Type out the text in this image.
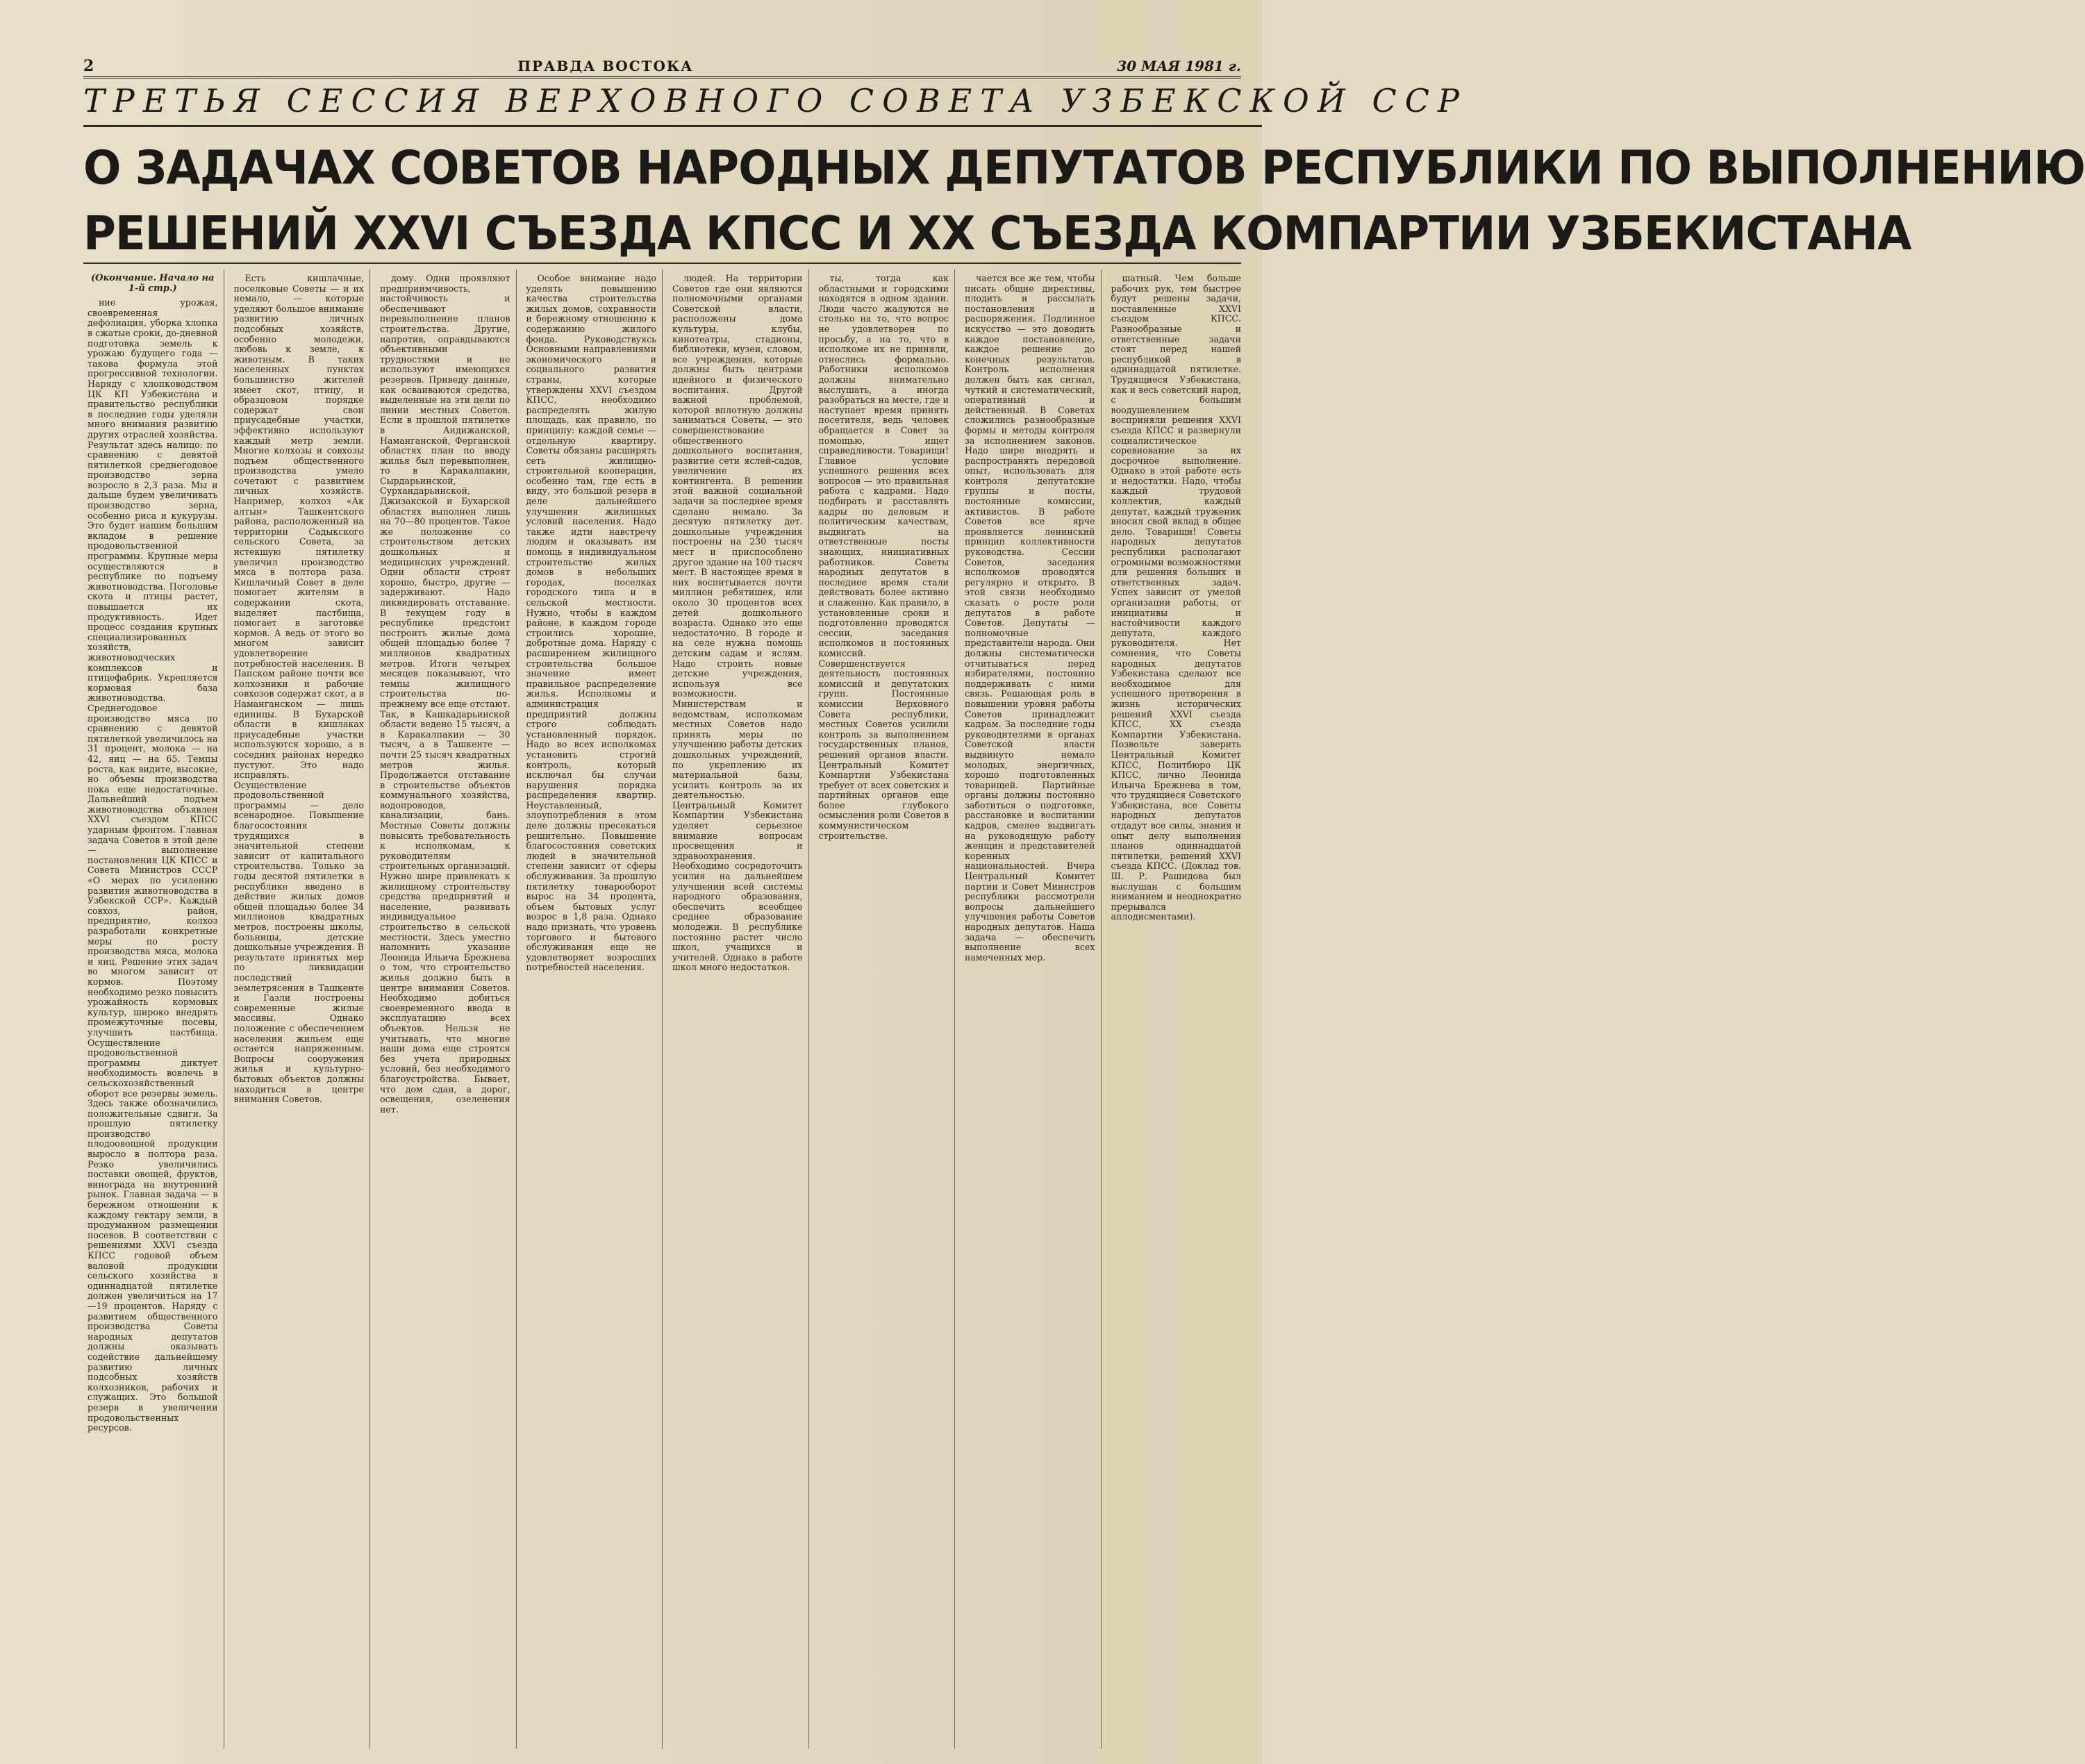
2	ПРАВДА ВОСТОКА	30 МАЯ 1981 г.
ТРЕТЬЯ СЕССИЯ ВЕРХОВНОГО СОВЕТА УЗБЕКСКОЙ ССР
О ЗАДАЧАХ СОВЕТОВ НАРОДНЫХ ДЕПУТАТОВ РЕСПУБЛИКИ ПО ВЫПОЛНЕНИЮ
РЕШЕНИЙ XXVI СЪЕЗДА КПСС И XX СЪЕЗДА КОМПАРТИИ УЗБЕКИСТАНА
(Окончание. Начало на 1-й стр.)

ние урожая, своевременная дефолиация, уборка хлопка в сжатые сроки, до-дневной подготовка земель к урожаю будущего года — такова формула этой прогрессивной технологии. Наряду с хлопководством ЦК КП Узбекистана и правительство республики в последние годы уделяли много внимания развитию других отраслей хозяйства. Результат здесь налицо: по сравнению с девятой пятилеткой среднегодовое производство зерна возросло в 2,3 раза. Мы и дальше будем увеличивать производство зерна, особенно риса и кукурузы. Это будет нашим большим вкладом в решение продовольственной программы. Крупные меры осуществляются в республике по подъему животноводства. Поголовье скота и птицы растет, повышается их продуктивность. Идет процесс создания крупных специализированных хозяйств, животноводческих комплексов и птицефабрик. Укрепляется кормовая база животноводства. Среднегодовое производство мяса по сравнению с девятой пятилеткой увеличилось на 31 процент, молока — на 42, яиц — на 65. Темпы роста, как видите, высокие, но объемы производства пока еще недостаточные. Дальнейший подъем животноводства объявлен XXVI съездом КПСС ударным фронтом. Главная задача Советов в этой деле — выполнение постановления ЦК КПСС и Совета Министров СССР «О мерах по усилению развития животноводства в Узбекской ССР». Каждый совхоз, район, предприятие, колхоз разработали конкретные меры по росту производства мяса, молока и яиц. Решение этих задач во многом зависит от кормов. Поэтому необходимо резко повысить урожайность кормовых культур, широко внедрять промежуточные посевы, улучшить пастбища. Осуществление продовольственной программы диктует необходимость вовлечь в сельскохозяйственный оборот все резервы земель. Здесь также обозначились положительные сдвиги. За прошлую пятилетку производство плодоовощной продукции выросло в полтора раза. Резко увеличились поставки овощей, фруктов, винограда на внутренний рынок. Главная задача — в бережном отношении к каждому гектару земли, в продуманном размещении посевов. В соответствии с решениями XXVI съезда КПСС годовой объем валовой продукции сельского хозяйства в одиннадцатой пятилетке должен увеличиться на 17—19 процентов. Наряду с развитием общественного производства Советы народных депутатов должны оказывать содействие дальнейшему развитию личных подсобных хозяйств колхозников, рабочих и служащих. Это большой резерв в увеличении продовольственных ресурсов.

Есть кишлачные, поселковые Советы — и их немало, — которые уделяют большое внимание развитию личных подсобных хозяйств, особенно молодежи, любовь к земле, к животным. В таких населенных пунктах большинство жителей имеет скот, птицу, и образцовом порядке содержат свои приусадебные участки, эффективно используют каждый метр земли. Многие колхозы и совхозы подъем общественного производства умело сочетают с развитием личных хозяйств. Например, колхоз «Ак алтын» Ташкентского района, расположенный на территории Садыкского сельского Совета, за истекшую пятилетку увеличил производство мяса в полтора раза. Кишлачный Совет в деле помогает жителям в содержании скота, выделяет пастбища, помогает в заготовке кормов. А ведь от этого во многом зависит удовлетворение потребностей населения. В Папском районе почти все колхозники и рабочие совхозов содержат скот, а в Наманганском — лишь единицы. В Бухарской области в кишлаках приусадебные участки используются хорошо, а в соседних районах нередко пустуют. Это надо исправлять. Осуществление продовольственной программы — дело всенародное. Повышение благосостояния трудящихся в значительной степени зависит от капитального строительства. Только за годы десятой пятилетки в республике введено в действие жилых домов общей площадью более 34 миллионов квадратных метров, построены школы, больницы, детские дошкольные учреждения. В результате принятых мер по ликвидации последствий землетрясения в Ташкенте и Газли построены современные жилые массивы. Однако положение с обеспечением населения жильем еще остается напряженным. Вопросы сооружения жилья и культурно-бытовых объектов должны находиться в центре внимания Советов.

дому. Одни проявляют предприимчивость, настойчивость и обеспечивают перевыполнение планов строительства. Другие, напротив, оправдываются объективными трудностями и не используют имеющихся резервов. Приведу данные, как осваиваются средства, выделенные на эти цели по линии местных Советов. Если в прошлой пятилетке в Андижанской, Наманганской, Ферганской областях план по вводу жилья был перевыполнен, то в Каракалпакии, Сырдарьинской, Сурхандарьинской, Джизакской и Бухарской областях выполнен лишь на 70—80 процентов. Такое же положение со строительством детских дошкольных и медицинских учреждений. Одни области строят хорошо, быстро, другие — задерживают. Надо ликвидировать отставание. В текущем году в республике предстоит построить жилые дома общей площадью более 7 миллионов квадратных метров. Итоги четырех месяцев показывают, что темпы жилищного строительства по-прежнему все еще отстают. Так, в Кашкадарьинской области ведено 15 тысяч, а в Каракалпакии — 30 тысяч, а в Ташкенте — почти 25 тысяч квадратных метров жилья. Продолжается отставание в строительстве объектов коммунального хозяйства, водопроводов, канализации, бань. Местные Советы должны повысить требовательность к исполкомам, к руководителям строительных организаций. Нужно шире привлекать к жилищному строительству средства предприятий и население, развивать индивидуальное строительство в сельской местности. Здесь уместно напомнить указание Леонида Ильича Брежнева о том, что строительство жилья должно быть в центре внимания Советов. Необходимо добиться своевременного ввода в эксплуатацию всех объектов. Нельзя не учитывать, что многие наши дома еще строятся без учета природных условий, без необходимого благоустройства. Бывает, что дом сдан, а дорог, освещения, озеленения нет.

Особое внимание надо уделять повышению качества строительства жилых домов, сохранности и бережному отношению к содержанию жилого фонда. Руководствуясь Основными направлениями экономического и социального развития страны, которые утверждены XXVI съездом КПСС, необходимо распределять жилую площадь, как правило, по принципу: каждой семье — отдельную квартиру. Советы обязаны расширять сеть жилищно-строительной кооперации, особенно там, где есть в виду, это большой резерв в деле дальнейшего улучшения жилищных условий населения. Надо также идти навстречу людям и оказывать им помощь в индивидуальном строительстве жилых домов в небольших городах, поселках городского типа и в сельской местности. Нужно, чтобы в каждом районе, в каждом городе строились хорошие, добротные дома. Наряду с расширением жилищного строительства большое значение имеет правильное распределение жилья. Исполкомы и администрация предприятий должны строго соблюдать установленный порядок. Надо во всех исполкомах установить строгий контроль, который исключал бы случаи нарушения порядка распределения квартир. Неуставленный, злоупотребления в этом деле должны пресекаться решительно. Повышение благосостояния советских людей в значительной степени зависит от сферы обслуживания. За прошлую пятилетку товарооборот вырос на 34 процента, объем бытовых услуг возрос в 1,8 раза. Однако надо признать, что уровень торгового и бытового обслуживания еще не удовлетворяет возросших потребностей населения.

людей. На территории Советов где они являются полномочными органами Советской власти, расположены дома культуры, клубы, кинотеатры, стадионы, библиотеки, музеи, словом, все учреждения, которые должны быть центрами идейного и физического воспитания. Другой важной проблемой, которой вплотную должны заниматься Советы, — это совершенствование общественного дошкольного воспитания, развитие сети яслей-садов, увеличение их контингента. В решении этой важной социальной задачи за последнее время сделано немало. За десятую пятилетку дет. дошкольные учреждения построены на 230 тысяч мест и приспособлено другое здание на 100 тысяч мест. В настоящее время в них воспитывается почти миллион ребятишек, или около 30 процентов всех детей дошкольного возраста. Однако это еще недостаточно. В городе и на селе нужна помощь детским садам и яслям. Надо строить новые детские учреждения, используя все возможности. Министерствам и ведомствам, исполкомам местных Советов надо принять меры по улучшению работы детских дошкольных учреждений, по укреплению их материальной базы, усилить контроль за их деятельностью. Центральный Комитет Компартии Узбекистана уделяет серьезное внимание вопросам просвещения и здравоохранения. Необходимо сосредоточить усилия на дальнейшем улучшении всей системы народного образования, обеспечить всеобщее среднее образование молодежи. В республике постоянно растет число школ, учащихся и учителей. Однако в работе школ много недостатков.

ты, тогда как областными и городскими находятся в одном здании. Люди часто жалуются не столько на то, что вопрос не удовлетворен по просьбу, а на то, что в исполкоме их не приняли, отнеслись формально. Работники исполкомов должны внимательно выслушать, а иногда разобраться на месте, где и наступает время принять посетителя, ведь человек обращается в Совет за помощью, ищет справедливости. Товарищи! Главное условие успешного решения всех вопросов — это правильная работа с кадрами. Надо подбирать и расставлять кадры по деловым и политическим качествам, выдвигать на ответственные посты знающих, инициативных работников. Советы народных депутатов в последнее время стали действовать более активно и слаженно. Как правило, в установленные сроки и подготовленно проводятся сессии, заседания исполкомов и постоянных комиссий. Совершенствуется деятельность постоянных комиссий и депутатских групп. Постоянные комиссии Верховного Совета республики, местных Советов усилили контроль за выполнением государственных планов, решений органов власти. Центральный Комитет Компартии Узбекистана требует от всех советских и партийных органов еще более глубокого осмысления роли Советов в коммунистическом строительстве.

чается все же тем, чтобы писать общие директивы, плодить и рассылать постановления и распоряжения. Подлинное искусство — это доводить каждое постановление, каждое решение до конечных результатов. Контроль исполнения должен быть как сигнал, чуткий и систематический, оперативный и действенный. В Советах сложились разнообразные формы и методы контроля за исполнением законов. Надо шире внедрять и распространять передовой опыт, использовать для контроля депутатские группы и посты, постоянные комиссии, активистов. В работе Советов все ярче проявляется ленинский принцип коллективности руководства. Сессии Советов, заседания исполкомов проводятся регулярно и открыто. В этой связи необходимо сказать о росте роли депутатов в работе Советов. Депутаты — полномочные представители народа. Они должны систематически отчитываться перед избирателями, постоянно поддерживать с ними связь. Решающая роль в повышении уровня работы Советов принадлежит кадрам. За последние годы руководителями в органах Советской власти выдвинуто немало молодых, энергичных, хорошо подготовленных товарищей. Партийные органы должны постоянно заботиться о подготовке, расстановке и воспитании кадров, смелее выдвигать на руководящую работу женщин и представителей коренных национальностей. Вчера Центральный Комитет партии и Совет Министров республики рассмотрели вопросы дальнейшего улучшения работы Советов народных депутатов. Наша задача — обеспечить выполнение всех намеченных мер.

шатный. Чем больше рабочих рук, тем быстрее будут решены задачи, поставленные XXVI съездом КПСС. Разнообразные и ответственные задачи стоят перед нашей республикой в одиннадцатой пятилетке. Трудящиеся Узбекистана, как и весь советский народ, с большим воодушевлением восприняли решения XXVI съезда КПСС и развернули социалистическое соревнование за их досрочное выполнение. Однако в этой работе есть и недостатки. Надо, чтобы каждый трудовой коллектив, каждый депутат, каждый труженик вносил свой вклад в общее дело. Товарищи! Советы народных депутатов республики располагают огромными возможностями для решения больших и ответственных задач. Успех зависит от умелой организации работы, от инициативы и настойчивости каждого депутата, каждого руководителя. Нет сомнения, что Советы народных депутатов Узбекистана сделают все необходимое для успешного претворения в жизнь исторических решений XXVI съезда КПСС, XX съезда Компартии Узбекистана. Позвольте заверить Центральный Комитет КПСС, Политбюро ЦК КПСС, лично Леонида Ильича Брежнева в том, что трудящиеся Советского Узбекистана, все Советы народных депутатов отдадут все силы, знания и опыт делу выполнения планов одиннадцатой пятилетки, решений XXVI съезда КПСС. (Доклад тов. Ш. Р. Рашидова был выслушан с большим вниманием и неоднократно прерывался аплодисментами).
